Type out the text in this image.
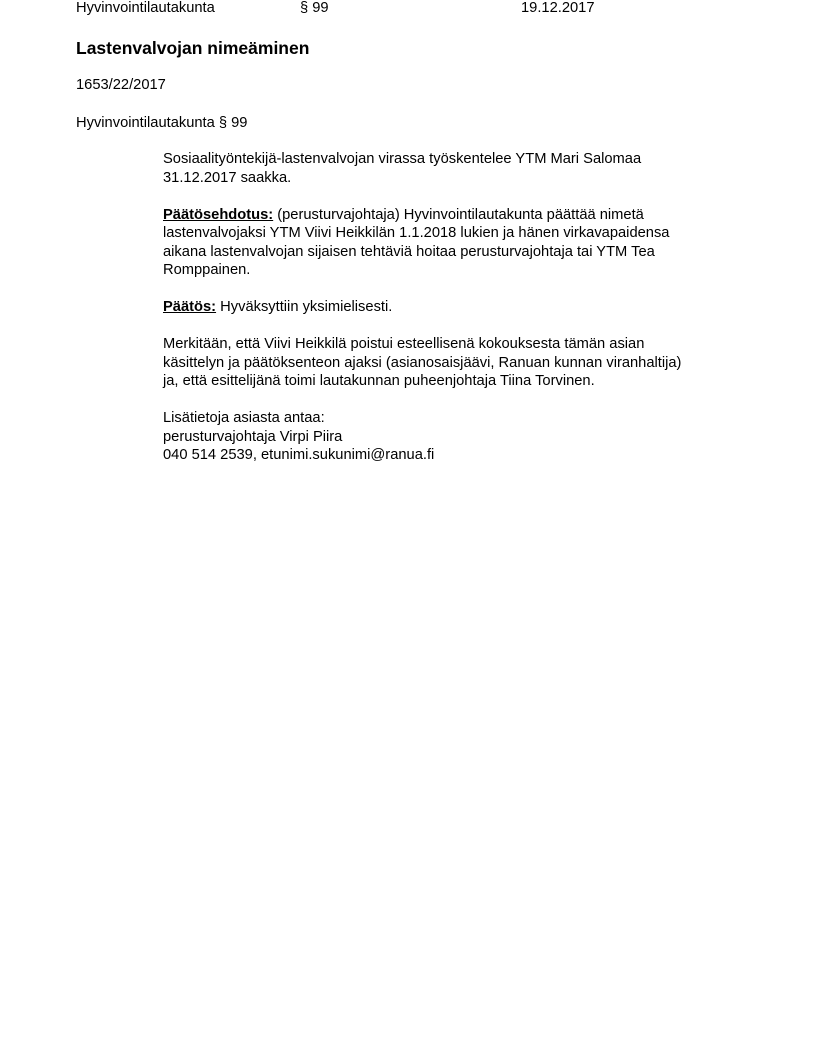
Hyvinvointilautakunta	§ 99	19.12.2017
Lastenvalvojan nimeäminen
1653/22/2017
Hyvinvointilautakunta § 99

Sosiaalityöntekijä-lastenvalvojan virassa työskentelee YTM Mari Salomaa
31.12.2017 saakka.

Päätösehdotus: (perusturvajohtaja) Hyvinvointilautakunta päättää nimetä
lastenvalvojaksi YTM Viivi Heikkilän 1.1.2018 lukien ja hänen virkavapaidensa
aikana lastenvalvojan sijaisen tehtäviä hoitaa perusturvajohtaja tai YTM Tea
Romppainen.

Päätös: Hyväksyttiin yksimielisesti.

Merkitään, että Viivi Heikkilä poistui esteellisenä kokouksesta tämän asian
käsittelyn ja päätöksenteon ajaksi (asianosaisjäävi, Ranuan kunnan viranhaltija)
ja, että esittelijänä toimi lautakunnan puheenjohtaja Tiina Torvinen.

Lisätietoja asiasta antaa:
perusturvajohtaja Virpi Piira
040 514 2539, etunimi.sukunimi@ranua.fi
